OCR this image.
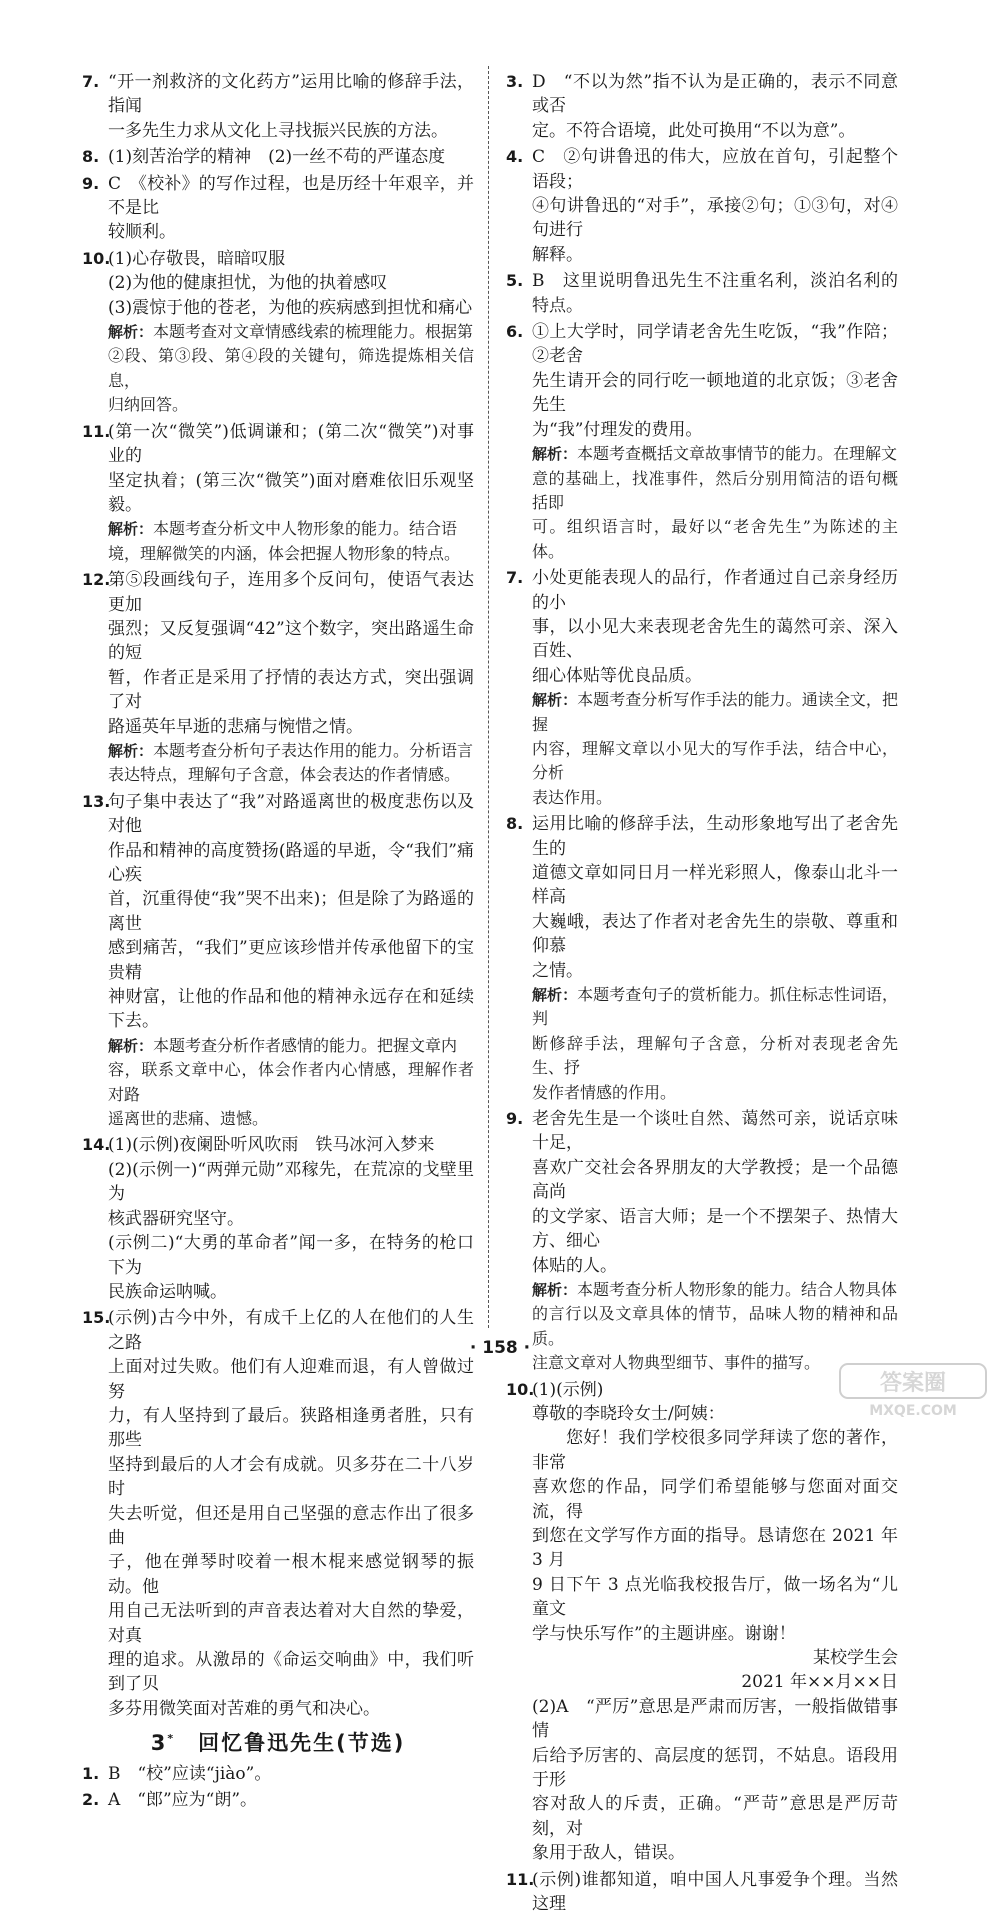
7. “开一剂救济的文化药方”运用比喻的修辞手法，指闻
一多先生力求从文化上寻找振兴民族的方法。
8. (1)刻苦治学的精神　(2)一丝不苟的严谨态度
9. C　《校补》的写作过程，也是历经十年艰辛，并不是比
较顺利。
10.
(1)心存敬畏，暗暗叹服
(2)为他的健康担忧，为他的执着感叹
(3)震惊于他的苍老，为他的疾病感到担忧和痛心
解析：本题考查对文章情感线索的梳理能力。根据第
②段、第③段、第④段的关键句，筛选提炼相关信息，
归纳回答。
11.
(第一次“微笑”)低调谦和；(第二次“微笑”)对事业的
坚定执着；(第三次“微笑”)面对磨难依旧乐观坚毅。
解析：本题考查分析文中人物形象的能力。结合语
境，理解微笑的内涵，体会把握人物形象的特点。
12.
第⑤段画线句子，连用多个反问句，使语气表达更加
强烈；又反复强调“42”这个数字，突出路遥生命的短
暂，作者正是采用了抒情的表达方式，突出强调了对
路遥英年早逝的悲痛与惋惜之情。
解析：本题考查分析句子表达作用的能力。分析语言
表达特点，理解句子含意，体会表达的作者情感。
13.
句子集中表达了“我”对路遥离世的极度悲伤以及对他
作品和精神的高度赞扬(路遥的早逝，令“我们”痛心疾
首，沉重得使“我”哭不出来)；但是除了为路遥的离世
感到痛苦，“我们”更应该珍惜并传承他留下的宝贵精
神财富，让他的作品和他的精神永远存在和延续下去。
解析：本题考查分析作者感情的能力。把握文章内
容，联系文章中心，体会作者内心情感，理解作者对路
遥离世的悲痛、遗憾。
14.
(1)(示例)夜阑卧听风吹雨　铁马冰河入梦来
(2)(示例一)“两弹元勋”邓稼先，在荒凉的戈壁里为
核武器研究坚守。
(示例二)“大勇的革命者”闻一多，在特务的枪口下为
民族命运呐喊。
15.
(示例)古今中外，有成千上亿的人在他们的人生之路
上面对过失败。他们有人迎难而退，有人曾做过努
力，有人坚持到了最后。狭路相逢勇者胜，只有那些
坚持到最后的人才会有成就。贝多芬在二十八岁时
失去听觉，但还是用自己坚强的意志作出了很多曲
子，他在弹琴时咬着一根木棍来感觉钢琴的振动。他
用自己无法听到的声音表达着对大自然的挚爱，对真
理的追求。从激昂的《命运交响曲》中，我们听到了贝
多芬用微笑面对苦难的勇气和决心。
3*　 回忆鲁迅先生(节选)
1. B　“校”应读“jiào”。
2. A　“郎”应为“朗”。
3. D　“不以为然”指不认为是正确的，表示不同意或否
定。不符合语境，此处可换用“不以为意”。
4. C　②句讲鲁迅的伟大，应放在首句，引起整个语段；
④句讲鲁迅的“对手”，承接②句；①③句，对④句进行
解释。
5. B　这里说明鲁迅先生不注重名利，淡泊名利的特点。
6. ①上大学时，同学请老舍先生吃饭，“我”作陪；②老舍
先生请开会的同行吃一顿地道的北京饭；③老舍先生
为“我”付理发的费用。
解析：本题考查概括文章故事情节的能力。在理解文
意的基础上，找准事件，然后分别用简洁的语句概括即
可。组织语言时，最好以“老舍先生”为陈述的主体。
7. 小处更能表现人的品行，作者通过自己亲身经历的小
事，以小见大来表现老舍先生的蔼然可亲、深入百姓、
细心体贴等优良品质。
解析：本题考查分析写作手法的能力。通读全文，把握
内容，理解文章以小见大的写作手法，结合中心，分析
表达作用。
8. 运用比喻的修辞手法，生动形象地写出了老舍先生的
道德文章如同日月一样光彩照人，像泰山北斗一样高
大巍峨，表达了作者对老舍先生的崇敬、尊重和仰慕
之情。
解析：本题考查句子的赏析能力。抓住标志性词语，判
断修辞手法，理解句子含意，分析对表现老舍先生、抒
发作者情感的作用。
9. 老舍先生是一个谈吐自然、蔼然可亲，说话京味十足，
喜欢广交社会各界朋友的大学教授；是一个品德高尚
的文学家、语言大师；是一个不摆架子、热情大方、细心
体贴的人。
解析：本题考查分析人物形象的能力。结合人物具体
的言行以及文章具体的情节，品味人物的精神和品质。
注意文章对人物典型细节、事件的描写。
10.
(1)(示例)
尊敬的李晓玲女士/阿姨：
您好！我们学校很多同学拜读了您的著作，非常
喜欢您的作品，同学们希望能够与您面对面交流，得
到您在文学写作方面的指导。恳请您在 2021 年 3 月
9 日下午 3 点光临我校报告厅，做一场名为“儿童文
学与快乐写作”的主题讲座。谢谢！
某校学生会
2021 年××月××日
(2)A　“严厉”意思是严肃而厉害，一般指做错事情
后给予厉害的、高层度的惩罚，不姑息。语段用于形
容对敌人的斥责，正确。“严苛”意思是严厉苛刻，对
象用于敌人，错误。
11.
(示例)谁都知道，咱中国人凡事爱争个理。当然这理
· 158 ·
答案圈
MXQE.COM
